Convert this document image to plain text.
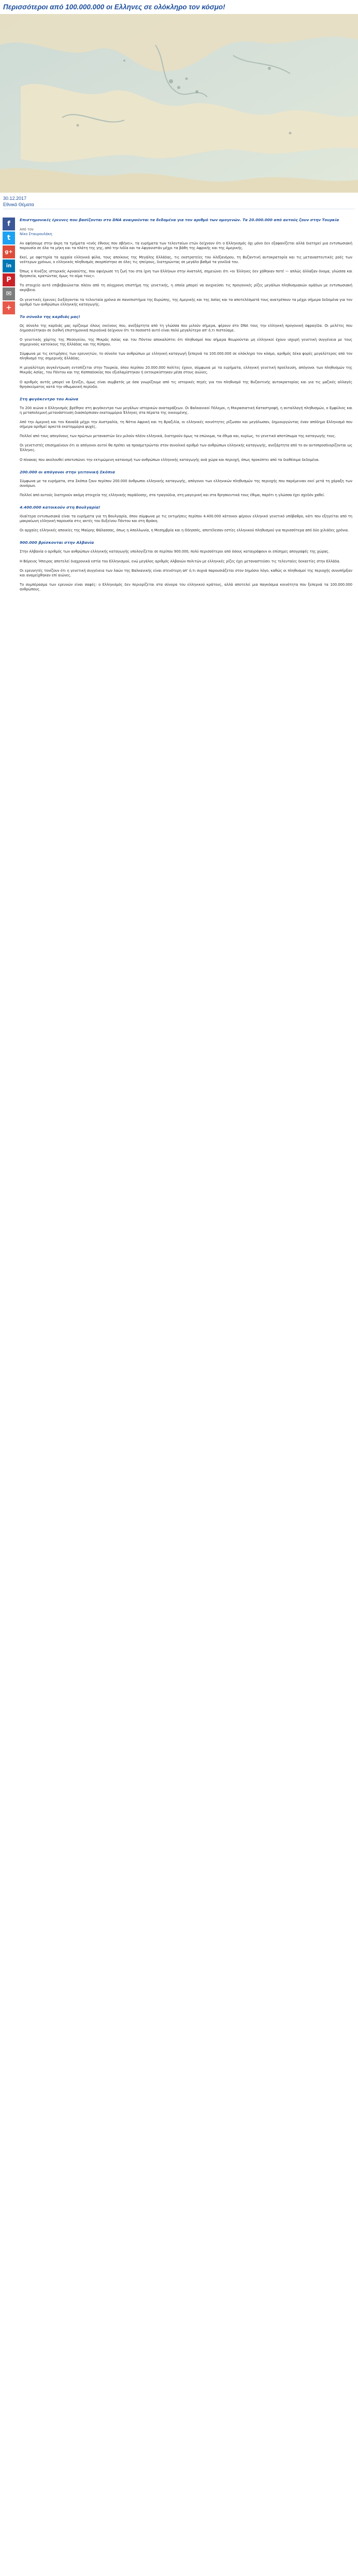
Περισσότεροι από 100.000.000 οι Ελληνες σε ολόκληρο τον κόσμο!
30.12.2017
Εθνικά Θέματα
f
t
g+
in
P
✉
+

Επιστημονικές έρευνες που βασίζονται στο DNA αναιρούνται τα δεδομένα για τον αριθμό των ομογενών. Τα 20.000.000 από αυτούς ζουν στην Τουρκία

Από τον
Νίκο Σταυρουλάκη

Αν αφήσουμε στην άκρη τα τμήματα «ενός έθνους που σβήνει», τα ευρήματα των τελευταίων ετών δείχνουν ότι ο Ελληνισμός όχι μόνο δεν εξαφανίζεται αλλά διατηρεί μια εντυπωσιακή παρουσία σε όλα τα μήκη και τα πλάτη της γης, από την Ινδία και τα Αφγανιστάν μέχρι τα βάθη της Αφρικής και της Αμερικής.

Εκεί, με αφετηρία τα αρχαία ελληνικά φύλα, τους αποίκους της Μεγάλης Ελλάδας, τις εκστρατείες του Αλέξανδρου, τη Βυζαντινή αυτοκρατορία και τις μεταναστευτικές ροές των νεότερων χρόνων, ο ελληνικός πληθυσμός σκορπίστηκε σε όλες τις ηπείρους, διατηρώντας σε μεγάλο βαθμό τα γονίδιά του.

Όπως ο Κινέζος ιστορικός Αρναούτης, που αφιέρωσε τη ζωή του στα ίχνη των Ελλήνων στην Ανατολή, σημειώνει ότι «οι Έλληνες δεν χάθηκαν ποτέ — απλώς άλλαξαν όνομα, γλώσσα και θρησκεία, κρατώντας όμως το αίμα τους».

Το στοιχείο αυτό επιβεβαιώνεται πλέον από τη σύγχρονη επιστήμη της γενετικής, η οποία μπορεί να ανιχνεύσει τις προγονικές ρίζες μεγάλων πληθυσμιακών ομάδων με εντυπωσιακή ακρίβεια.

Οι γενετικές έρευνες διεξάγονται τα τελευταία χρόνια σε πανεπιστήμια της Ευρώπης, της Αμερικής και της Ασίας και τα αποτελέσματά τους ανατρέπουν τα μέχρι σήμερα δεδομένα για τον αριθμό των ανθρώπων ελληνικής καταγωγής.

Το σύνολο της καρδιάς μας!

Ως σύνολο της καρδιάς μας ορίζουμε όλους εκείνους που, ανεξάρτητα από τη γλώσσα που μιλούν σήμερα, φέρουν στο DNA τους την ελληνική προγονική σφραγίδα. Οι μελέτες που δημοσιεύτηκαν σε διεθνή επιστημονικά περιοδικά δείχνουν ότι το ποσοστό αυτό είναι πολύ μεγαλύτερο απ' ό,τι πιστεύαμε.

Ο γενετικός χάρτης της Μεσογείου, της Μικράς Ασίας και του Πόντου αποκαλύπτει ότι πληθυσμοί που σήμερα θεωρούνται μη ελληνικοί έχουν ισχυρή γενετική συγγένεια με τους σημερινούς κατοίκους της Ελλάδας και της Κύπρου.

Σύμφωνα με τις εκτιμήσεις των ερευνητών, το σύνολο των ανθρώπων με ελληνική καταγωγή ξεπερνά τα 100.000.000 σε ολόκληρο τον κόσμο, αριθμός δέκα φορές μεγαλύτερος από τον πληθυσμό της σημερινής Ελλάδας.

Η μεγαλύτερη συγκέντρωση εντοπίζεται στην Τουρκία, όπου περίπου 20.000.000 πολίτες έχουν, σύμφωνα με τα ευρήματα, ελληνική γενετική προέλευση, απόγονοι των πληθυσμών της Μικράς Ασίας, του Πόντου και της Καππαδοκίας που εξισλαμίστηκαν ή εκτουρκίστηκαν μέσα στους αιώνες.

Ο αριθμός αυτός μπορεί να ξενίζει, όμως είναι συμβατός με όσα γνωρίζουμε από τις ιστορικές πηγές για τον πληθυσμό της Βυζαντινής αυτοκρατορίας και για τις μαζικές αλλαγές θρησκεύματος κατά την οθωμανική περίοδο.

Στη φυγόκεντρο του Αιώνα

Το 20ό αιώνα ο Ελληνισμός βρέθηκε στη φυγόκεντρο των μεγάλων ιστορικών αναταράξεων. Οι Βαλκανικοί Πόλεμοι, η Μικρασιατική Καταστροφή, η ανταλλαγή πληθυσμών, ο Εμφύλιος και η μεταπολεμική μετανάστευση διασκόρπισαν εκατομμύρια Έλληνες στα πέρατα της οικουμένης.

Από την Αμερική και τον Καναδά μέχρι την Αυστραλία, τη Νότια Αφρική και τη Βραζιλία, οι ελληνικές κοινότητες ρίζωσαν και μεγάλωσαν, δημιουργώντας έναν απόδημο Ελληνισμό που σήμερα αριθμεί αρκετά εκατομμύρια ψυχές.

Πολλοί από τους απογόνους των πρώτων μεταναστών δεν μιλούν πλέον ελληνικά, διατηρούν όμως τα επώνυμα, τα έθιμα και, κυρίως, το γενετικό αποτύπωμα της καταγωγής τους.

Οι γενετιστές επισημαίνουν ότι οι απόγονοι αυτοί θα πρέπει να προσμετρώνται στον συνολικό αριθμό των ανθρώπων ελληνικής καταγωγής, ανεξάρτητα από το αν αυτοπροσδιορίζονται ως Έλληνες.

Ο πίνακας που ακολουθεί αποτυπώνει την εκτιμώμενη κατανομή των ανθρώπων ελληνικής καταγωγής ανά χώρα και περιοχή, όπως προκύπτει από τα διαθέσιμα δεδομένα.

200.000 οι απόγονοι στην γειτονική Σκόπια

Σύμφωνα με τα ευρήματα, στα Σκόπια ζουν περίπου 200.000 άνθρωποι ελληνικής καταγωγής, απόγονοι των ελληνικών πληθυσμών της περιοχής που παρέμειναν εκεί μετά τη χάραξη των συνόρων.

Πολλοί από αυτούς διατηρούν ακόμη στοιχεία της ελληνικής παράδοσης, στα τραγούδια, στη μαγειρική και στα θρησκευτικά τους έθιμα, παρότι η γλώσσα έχει σχεδόν χαθεί.

4.400.000 κατοικούν στη Βουλγαρία!

Ιδιαίτερα εντυπωσιακά είναι τα ευρήματα για τη Βουλγαρία, όπου σύμφωνα με τις εκτιμήσεις περίπου 4.400.000 κάτοικοι φέρουν ελληνικό γενετικό υπόβαθρο, κάτι που εξηγείται από τη μακραίωνη ελληνική παρουσία στις ακτές του Ευξείνου Πόντου και στη Θράκη.

Οι αρχαίες ελληνικές αποικίες της Μαύρης Θάλασσας, όπως η Απολλωνία, η Μεσημβρία και η Οδησσός, αποτέλεσαν εστίες ελληνικού πληθυσμού για περισσότερα από δύο χιλιάδες χρόνια.

900.000 βρίσκονται στην Αλβανία

Στην Αλβανία ο αριθμός των ανθρώπων ελληνικής καταγωγής υπολογίζεται σε περίπου 900.000, πολύ περισσότεροι από όσους καταγράφουν οι επίσημες απογραφές της χώρας.

Η Βόρειος Ήπειρος αποτελεί διαχρονικά εστία του Ελληνισμού, ενώ μεγάλος αριθμός Αλβανών πολιτών με ελληνικές ρίζες έχει μεταναστεύσει τις τελευταίες δεκαετίες στην Ελλάδα.

Οι ερευνητές τονίζουν ότι η γενετική συγγένεια των λαών της Βαλκανικής είναι στενότερη απ' ό,τι συχνά παρουσιάζεται στον δημόσιο λόγο, καθώς οι πληθυσμοί της περιοχής συνυπήρξαν και αναμείχθηκαν επί αιώνες.

Το συμπέρασμα των ερευνών είναι σαφές: ο Ελληνισμός δεν περιορίζεται στα σύνορα του ελληνικού κράτους, αλλά αποτελεί μια παγκόσμια κοινότητα που ξεπερνά τα 100.000.000 ανθρώπους.
